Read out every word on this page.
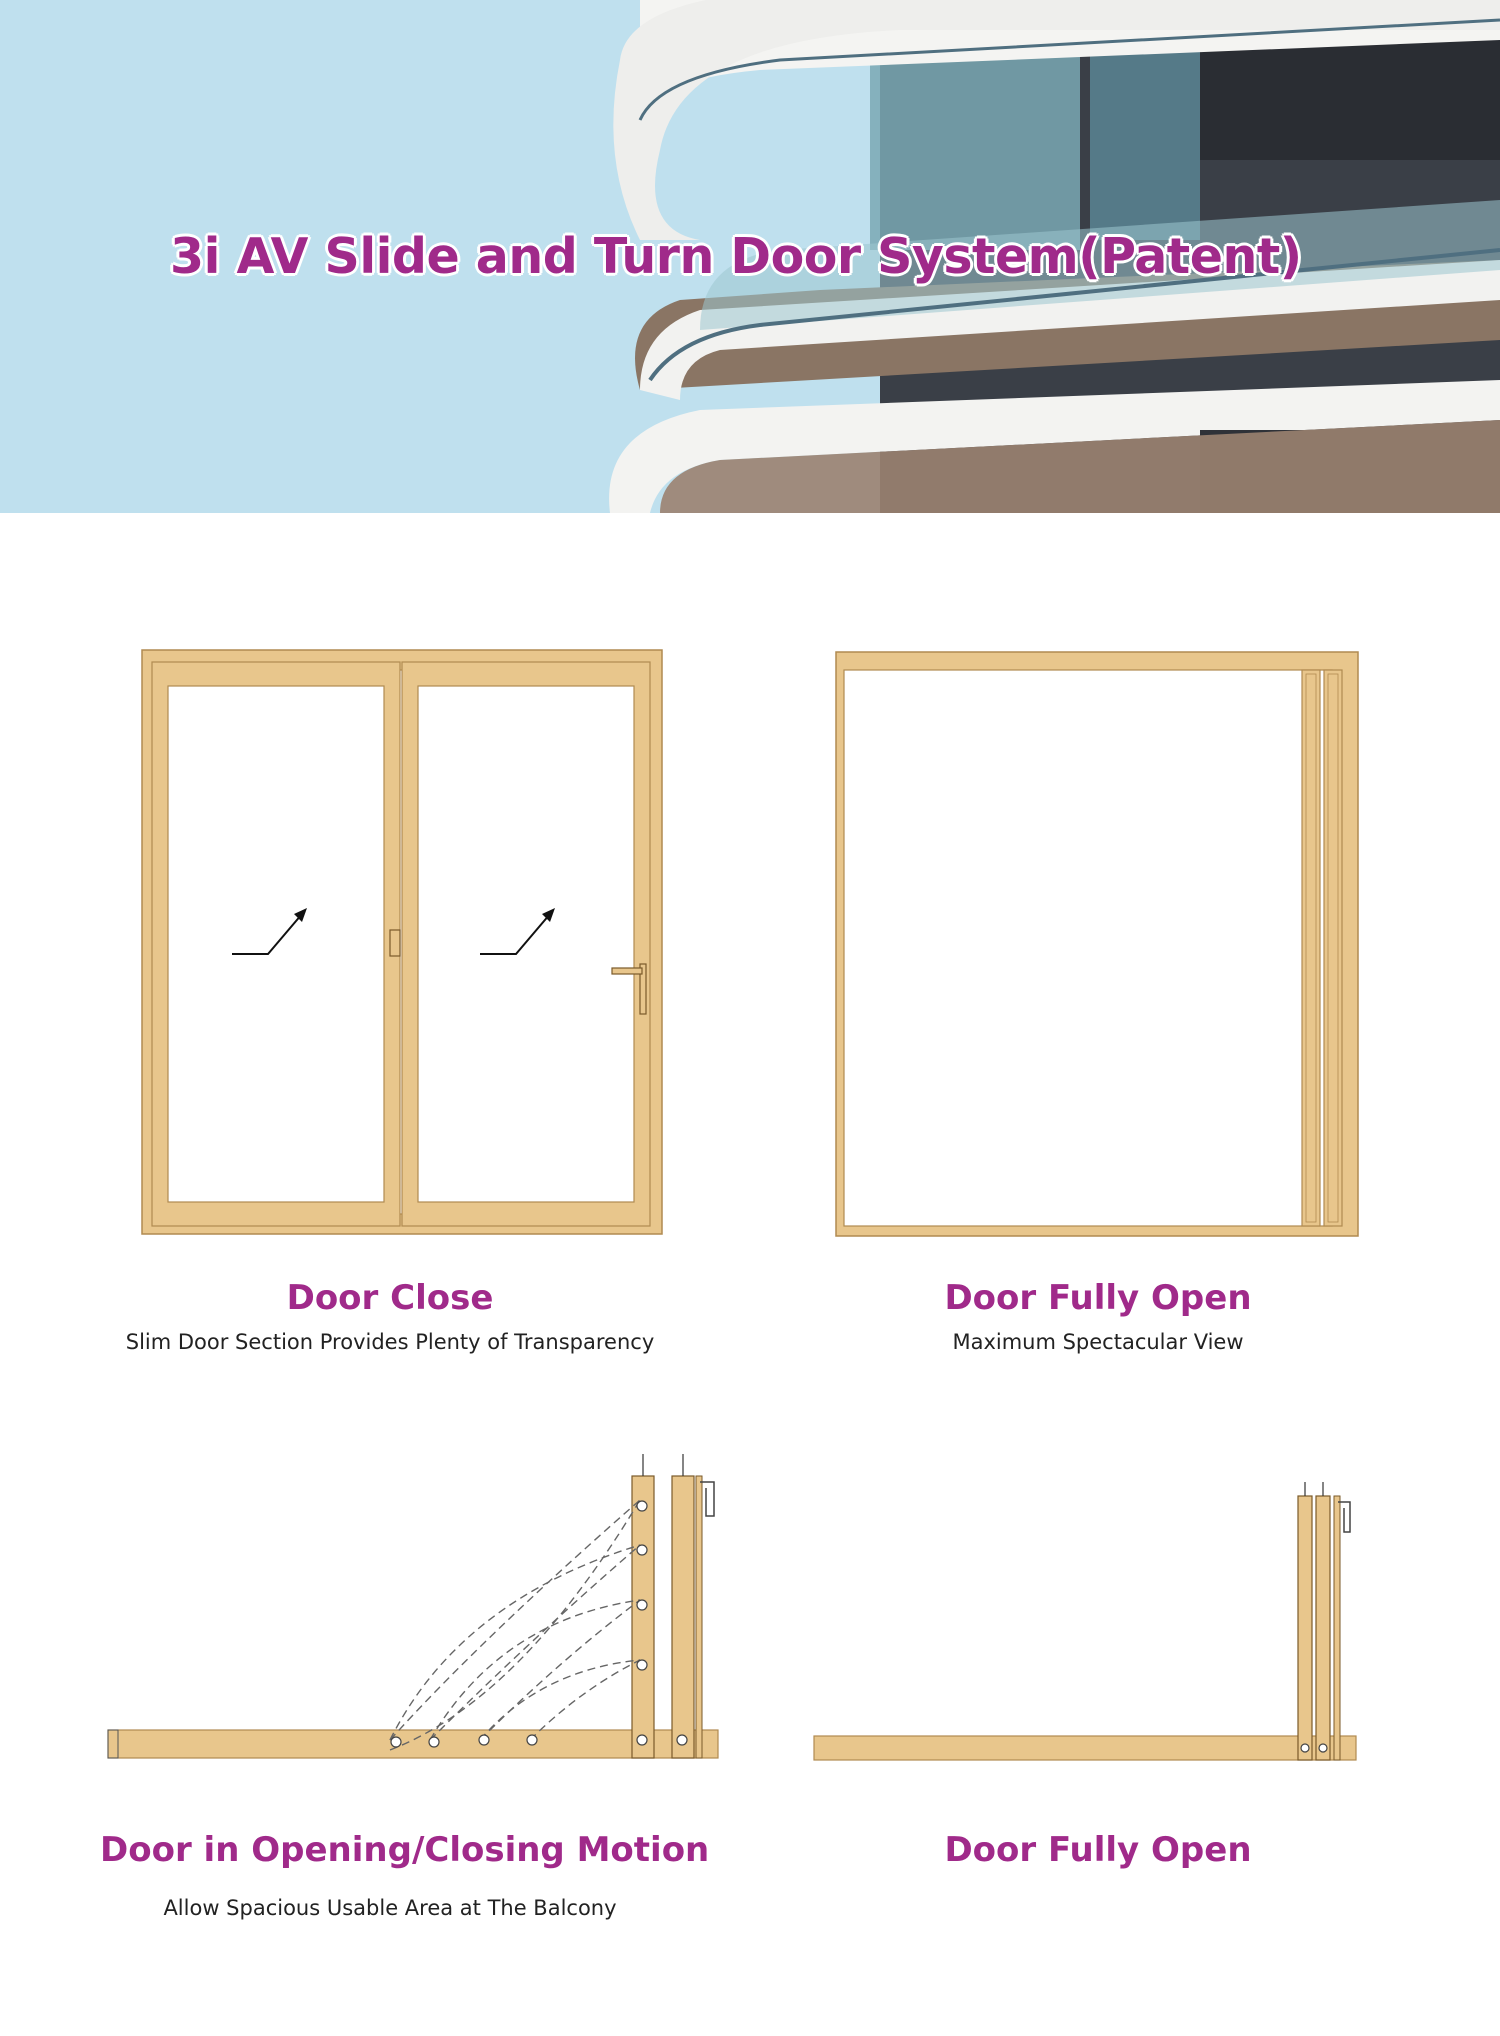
3i AV Slide and Turn Door System(Patent)
Door Close
Slim Door Section Provides Plenty of Transparency
Door Fully Open
Maximum Spectacular View
Door in Opening/Closing Motion
Allow Spacious Usable Area at The Balcony
Door Fully Open
